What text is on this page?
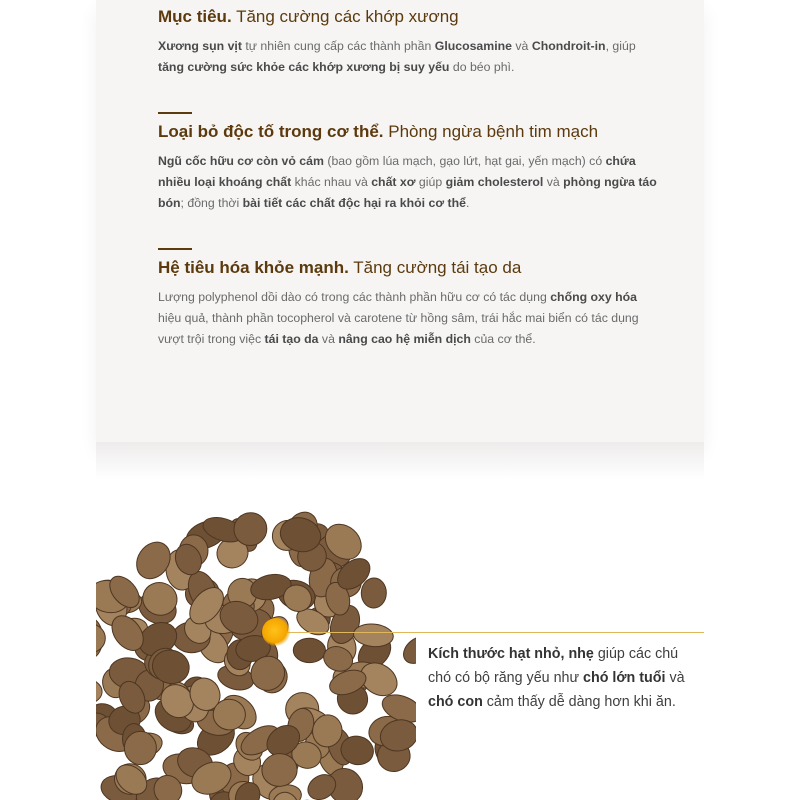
Mục tiêu. Tăng cường các khớp xương
Xương sụn vịt tự nhiên cung cấp các thành phần Glucosamine và Chondroit-in, giúp tăng cường sức khỏe các khớp xương bị suy yếu do béo phì.
Loại bỏ độc tố trong cơ thể. Phòng ngừa bệnh tim mạch
Ngũ cốc hữu cơ còn vỏ cám (bao gồm lúa mạch, gạo lứt, hạt gai, yến mạch) có chứa nhiều loại khoáng chất khác nhau và chất xơ giúp giảm cholesterol và phòng ngừa táo bón; đồng thời bài tiết các chất độc hại ra khỏi cơ thể.
Hệ tiêu hóa khỏe mạnh. Tăng cường tái tạo da
Lượng polyphenol dồi dào có trong các thành phần hữu cơ có tác dụng chống oxy hóa hiệu quả, thành phần tocopherol và carotene từ hồng sâm, trái hắc mai biển có tác dụng vượt trội trong việc tái tạo da và nâng cao hệ miễn dịch của cơ thể.
Kích thước hạt nhỏ, nhẹ giúp các chú chó có bộ răng yếu như chó lớn tuổi và chó con cảm thấy dễ dàng hơn khi ăn.
